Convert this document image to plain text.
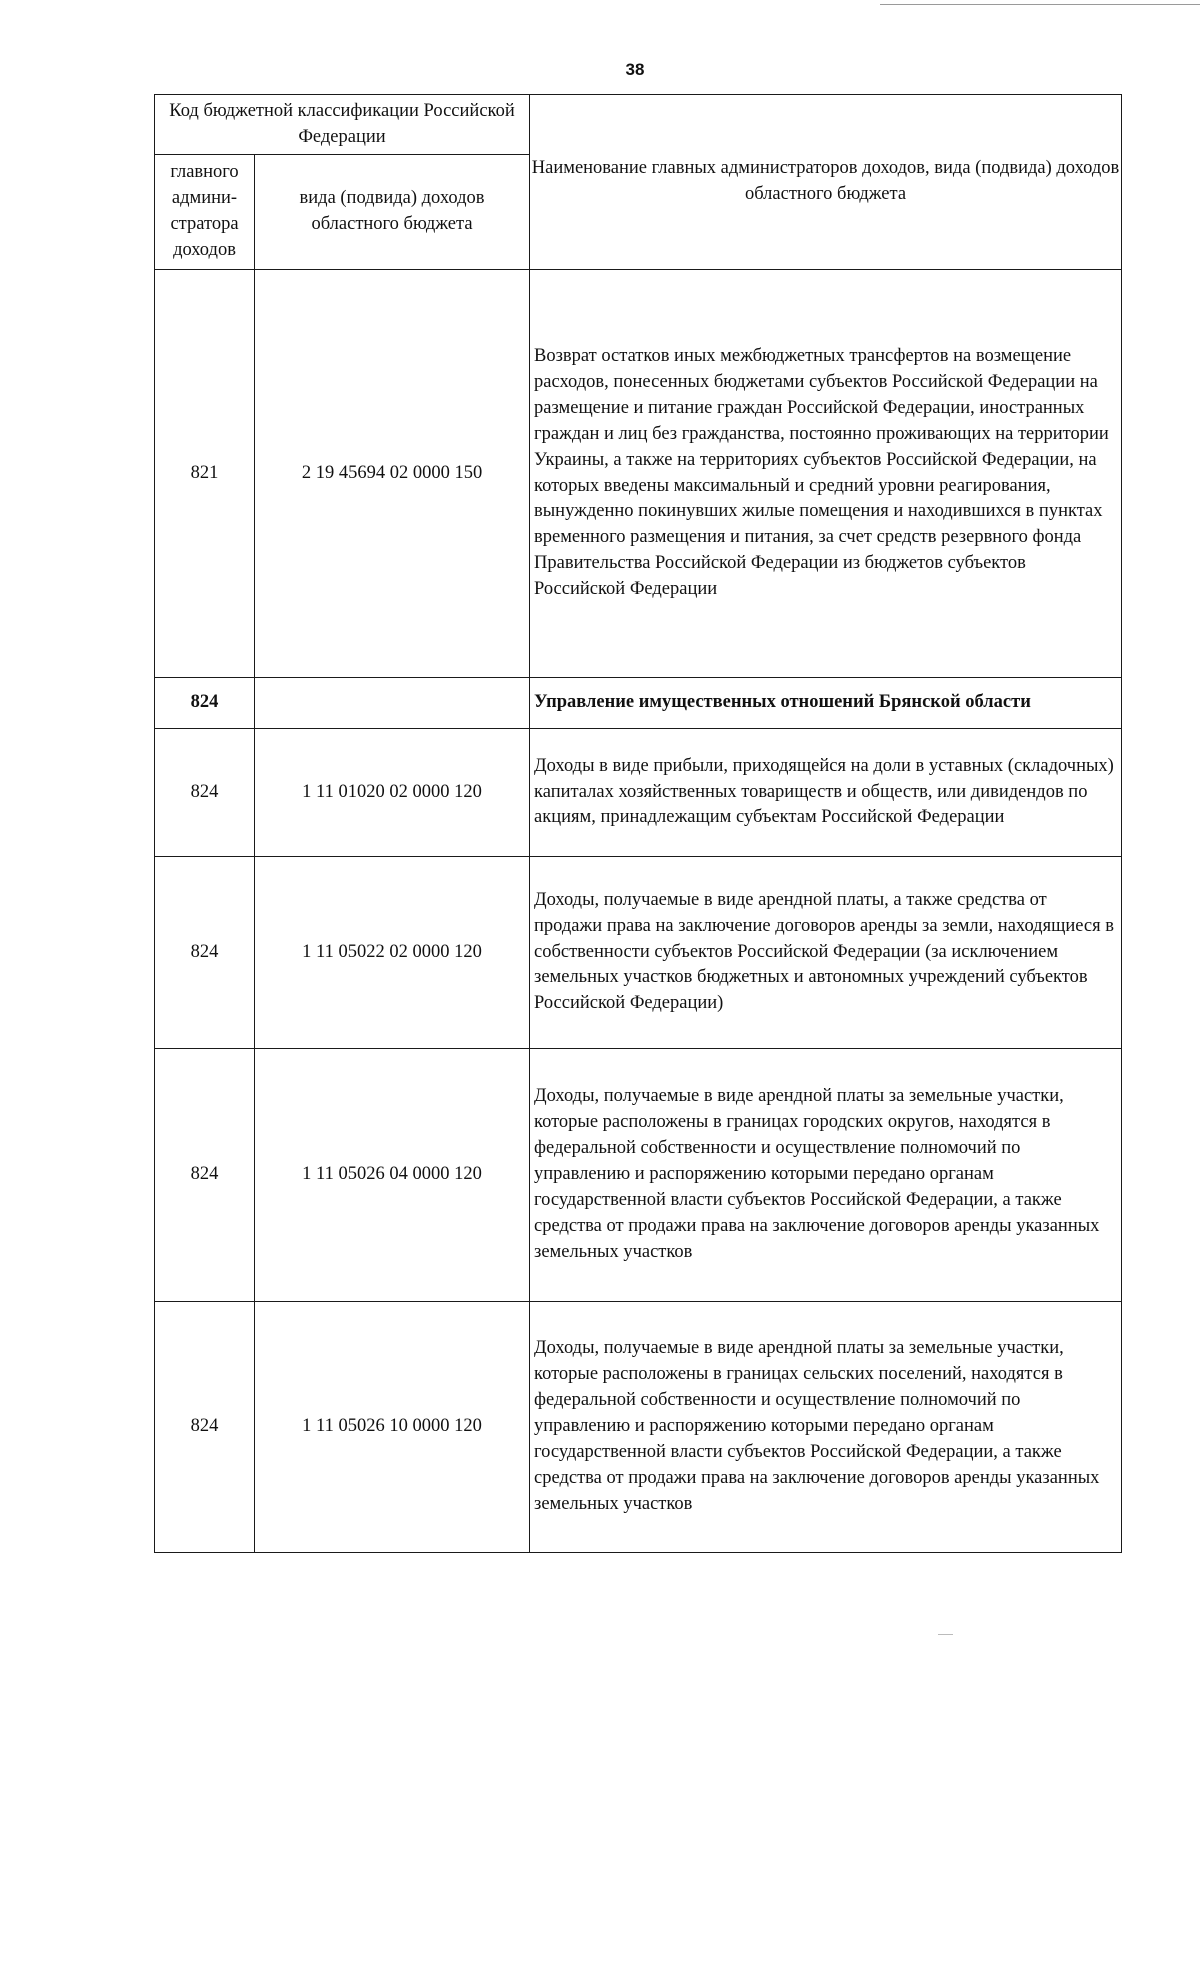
38
Код бюджетной классификации Российской Федерации		Наименование главных администраторов доходов, вида (подвида) доходов областного бюджета
главного админи-стратора доходов	вида (подвида) доходов областного бюджета	
821	2 19 45694 02 0000 150	Возврат остатков иных межбюджетных трансфертов на возмещение расходов, понесенных бюджетами субъектов Российской Федерации на размещение и питание граждан Российской Федерации, иностранных граждан и лиц без гражданства, постоянно проживающих на территории Украины, а также на территориях субъектов Российской Федерации, на которых введены максимальный и средний уровни реагирования, вынужденно покинувших жилые помещения и находившихся в пунктах временного размещения и питания, за счет средств резервного фонда Правительства Российской Федерации из бюджетов субъектов Российской Федерации
824		Управление имущественных отношений Брянской области
824	1 11 01020 02 0000 120	Доходы в виде прибыли, приходящейся на доли в уставных (складочных) капиталах хозяйственных товариществ и обществ, или дивидендов по акциям, принадлежащим субъектам Российской Федерации
824	1 11 05022 02 0000 120	Доходы, получаемые в виде арендной платы, а также средства от продажи права на заключение договоров аренды за земли, находящиеся в собственности субъектов Российской Федерации (за исключением земельных участков бюджетных и автономных учреждений субъектов Российской Федерации)
824	1 11 05026 04 0000 120	Доходы, получаемые в виде арендной платы за земельные участки, которые расположены в границах городских округов, находятся в федеральной собственности и осуществление полномочий по управлению и распоряжению которыми передано органам государственной власти субъектов Российской Федерации, а также средства от продажи права на заключение договоров аренды указанных земельных участков
824	1 11 05026 10 0000 120	Доходы, получаемые в виде арендной платы за земельные участки, которые расположены в границах сельских поселений, находятся в федеральной собственности и осуществление полномочий по управлению и распоряжению которыми передано органам государственной власти субъектов Российской Федерации, а также средства от продажи права на заключение договоров аренды указанных земельных участков
